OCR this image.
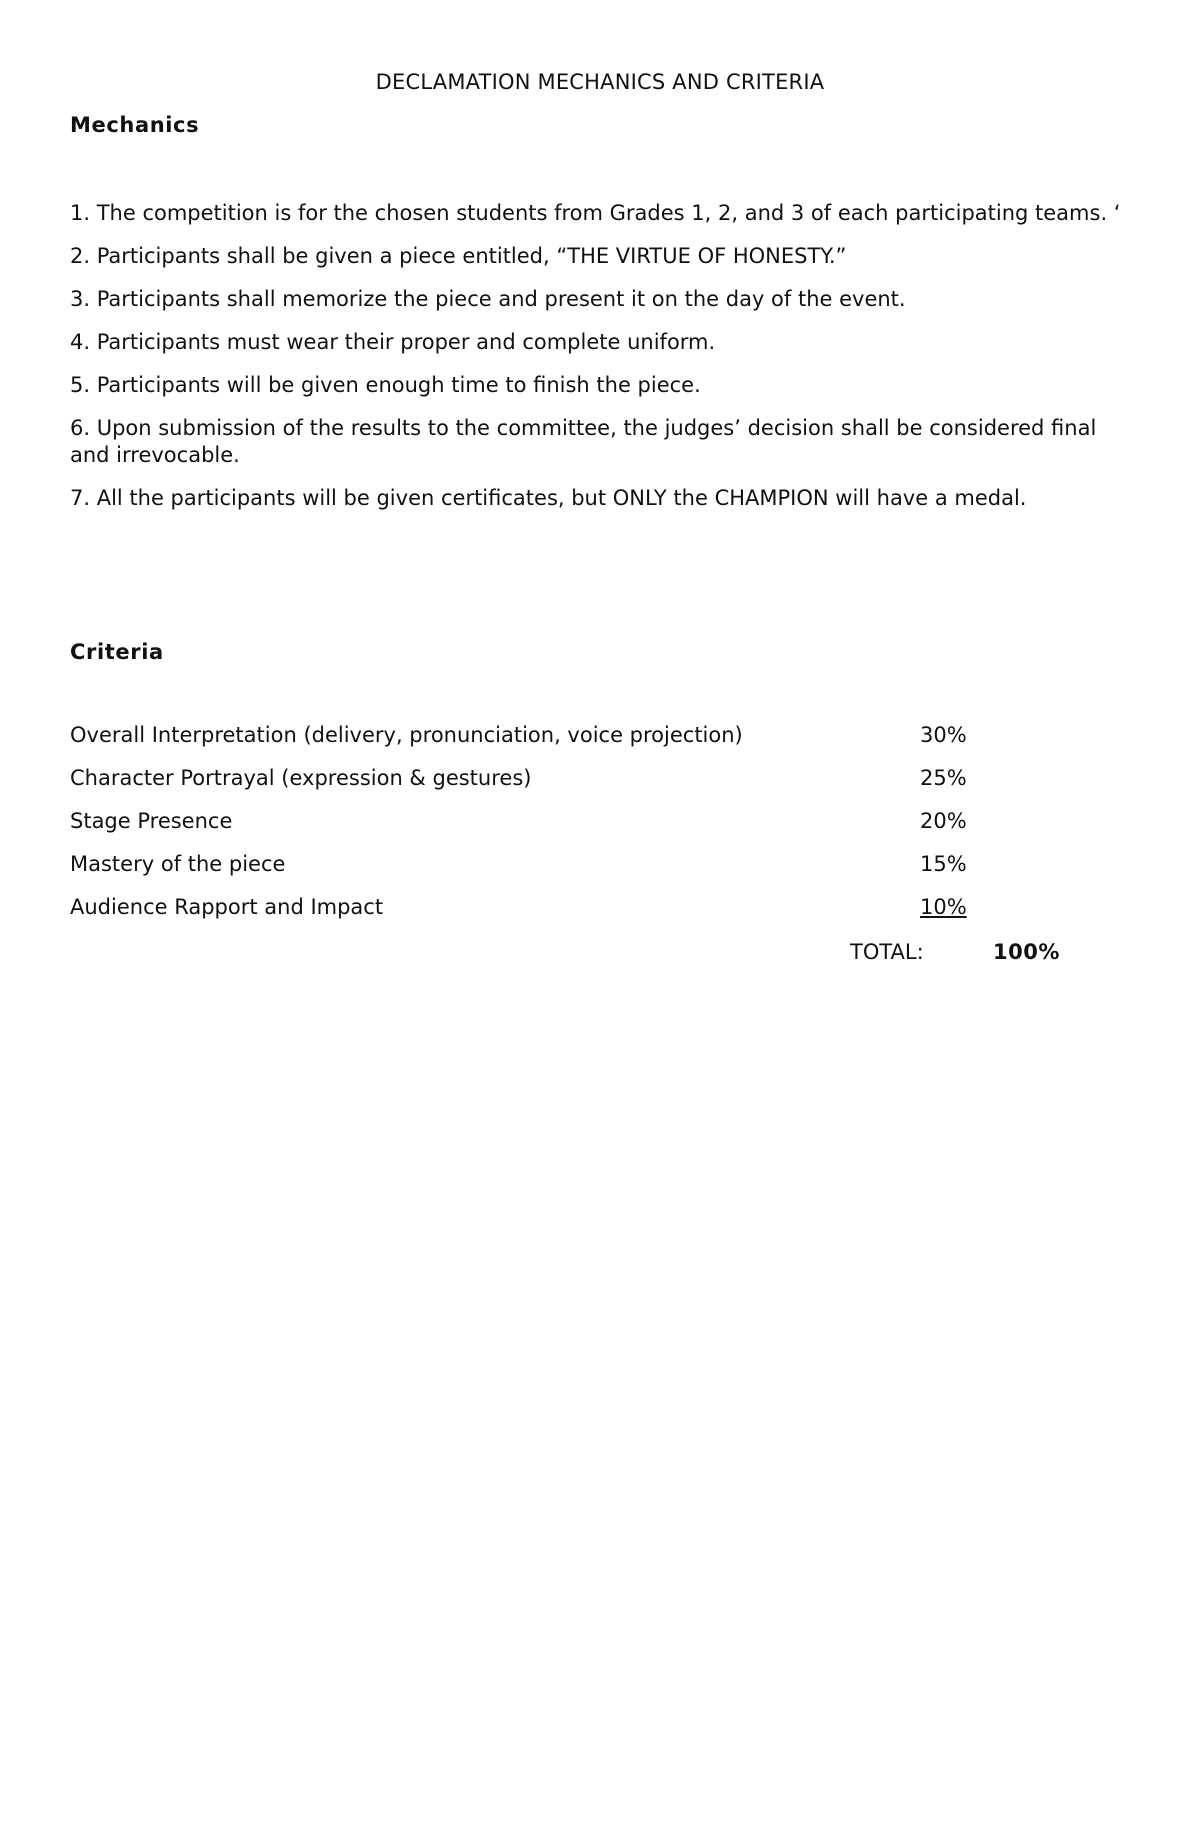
DECLAMATION MECHANICS AND CRITERIA
Mechanics
1. The competition is for the chosen students from Grades 1, 2, and 3 of each participating teams. ‘
2. Participants shall be given a piece entitled, “THE VIRTUE OF HONESTY.”
3. Participants shall memorize the piece and present it on the day of the event.
4. Participants must wear their proper and complete uniform.
5. Participants will be given enough time to finish the piece.
6. Upon submission of the results to the committee, the judges’ decision shall be considered final and irrevocable.
7. All the participants will be given certificates, but ONLY the CHAMPION will have a medal.
Criteria
Overall Interpretation (delivery, pronunciation, voice projection)	30%
Character Portrayal (expression & gestures)	25%
Stage Presence	20%
Mastery of the piece	15%
Audience Rapport and Impact	10%
TOTAL:	100%
